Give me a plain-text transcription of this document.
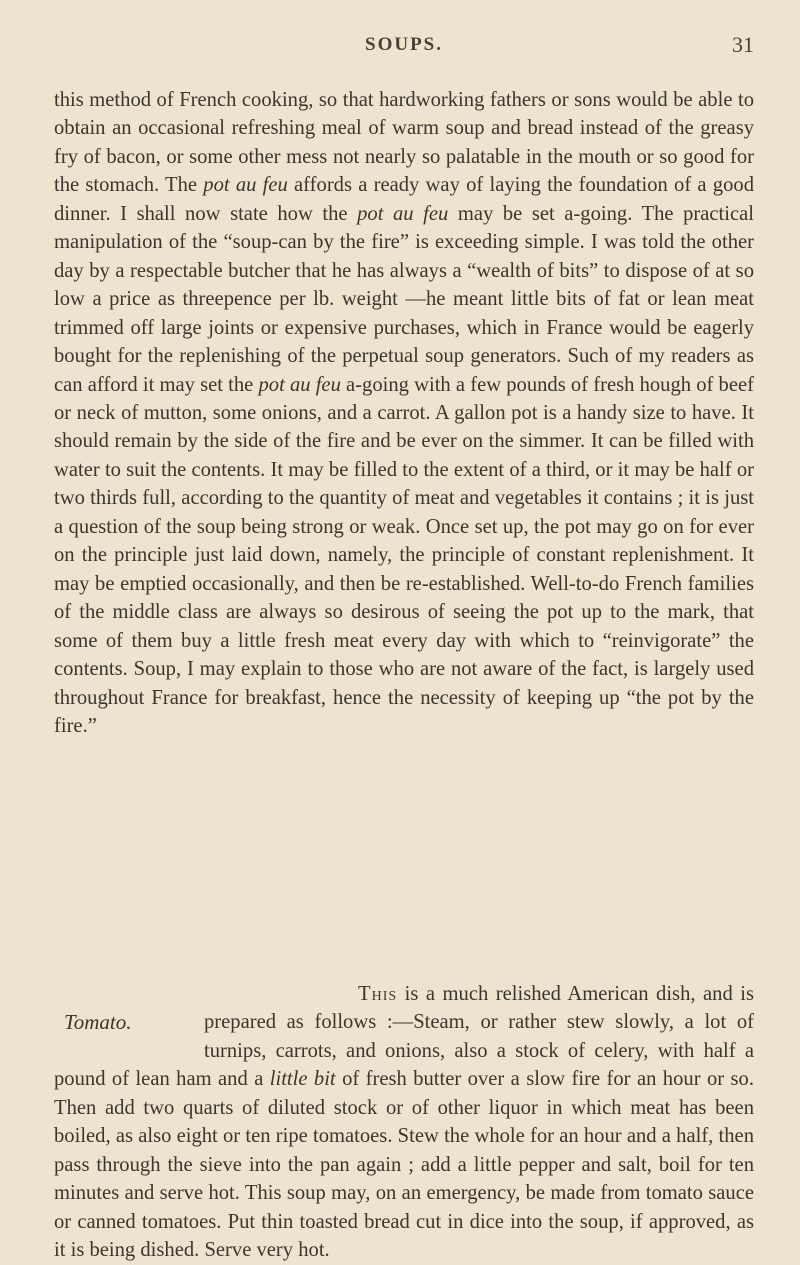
SOUPS.	31

this method of French cooking, so that hardworking fathers or sons would be able to obtain an occasional refreshing meal of warm soup and bread instead of the greasy fry of bacon, or some other mess not nearly so palatable in the mouth or so good for the stomach. The pot au feu affords a ready way of laying the foundation of a good dinner. I shall now state how the pot au feu may be set a-going. The practical manipulation of the “soup-can by the fire” is exceeding simple. I was told the other day by a respectable butcher that he has always a “wealth of bits” to dispose of at so low a price as threepence per lb. weight —he meant little bits of fat or lean meat trimmed off large joints or expensive purchases, which in France would be eagerly bought for the replenishing of the perpetual soup generators. Such of my readers as can afford it may set the pot au feu a-going with a few pounds of fresh hough of beef or neck of mutton, some onions, and a carrot. A gallon pot is a handy size to have. It should remain by the side of the fire and be ever on the simmer. It can be filled with water to suit the contents. It may be filled to the extent of a third, or it may be half or two thirds full, according to the quantity of meat and vegetables it contains ; it is just a question of the soup being strong or weak. Once set up, the pot may go on for ever on the principle just laid down, namely, the principle of constant replenishment. It may be emptied occasionally, and then be re-established. Well-to-do French families of the middle class are always so desirous of seeing the pot up to the mark, that some of them buy a little fresh meat every day with which to “reinvigorate” the contents. Soup, I may explain to those who are not aware of the fact, is largely used throughout France for breakfast, hence the necessity of keeping up “the pot by the fire.”

Tomato.

This is a much relished American dish, and is prepared as follows :—Steam, or rather stew slowly, a lot of turnips, carrots, and onions, also a stock of celery, with half a pound of lean ham and a little bit of fresh butter over a slow fire for an hour or so. Then add two quarts of diluted stock or of other liquor in which meat has been boiled, as also eight or ten ripe tomatoes. Stew the whole for an hour and a half, then pass through the sieve into the pan again ; add a little pepper and salt, boil for ten minutes and serve hot. This soup may, on an emergency, be made from tomato sauce or canned tomatoes. Put thin toasted bread cut in dice into the soup, if approved, as it is being dished. Serve very hot.
